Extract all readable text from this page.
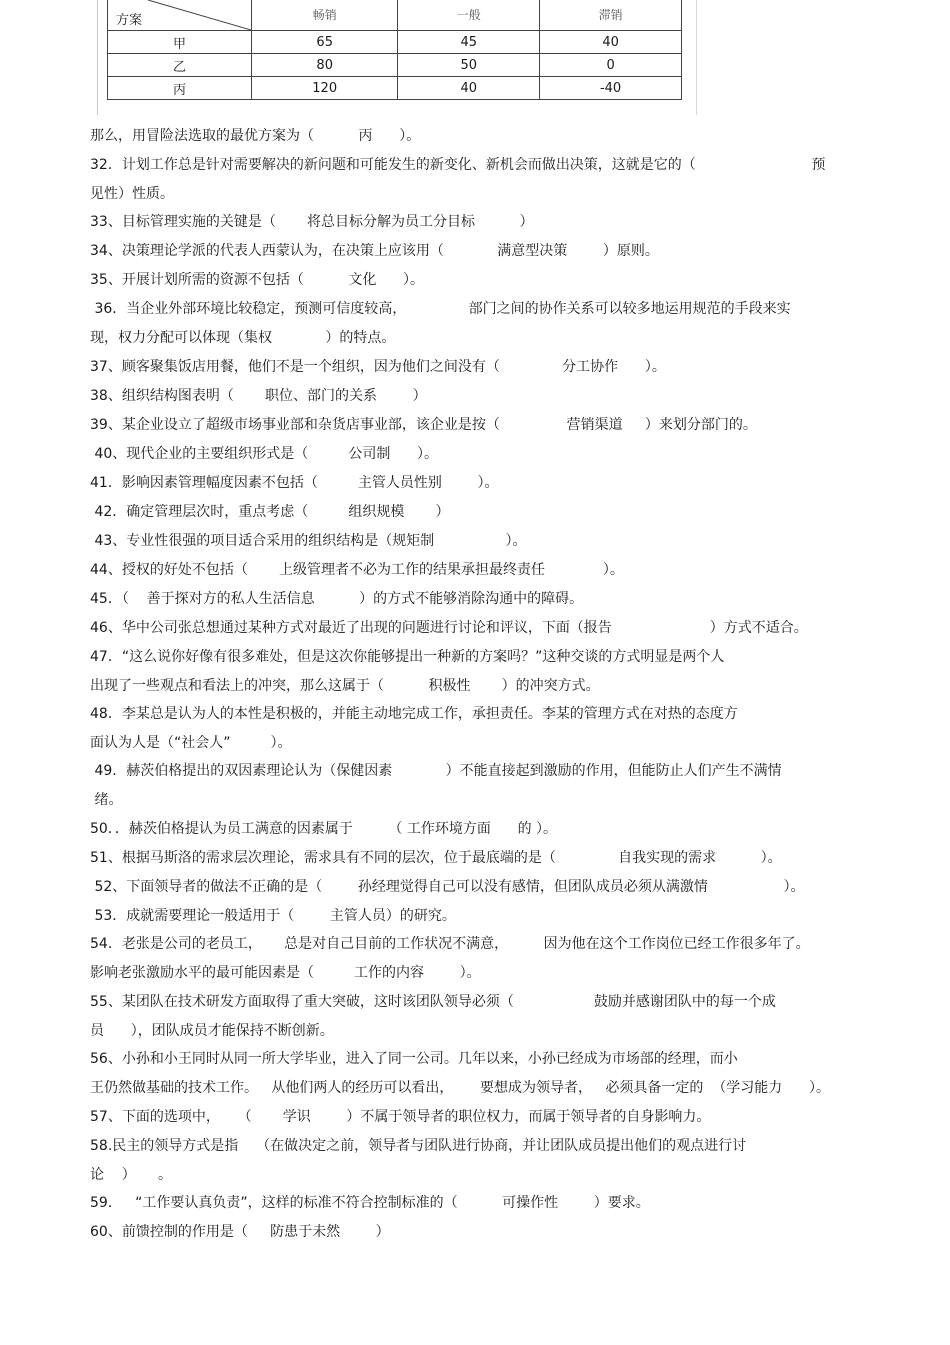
方案	畅销	一般	滞销
甲	65	45	40
乙	80	50	0
丙	120	40	-40
那么，用冒险法选取的最优方案为（          丙      ）。
32．计划工作总是针对需要解决的新问题和可能发生的新变化、新机会而做出决策，这就是它的（                          预
见性）性质。
33、目标管理实施的关键是（       将总目标分解为员工分目标          ）
34、决策理论学派的代表人西蒙认为，在决策上应该用（            满意型决策        ）原则。
35、开展计划所需的资源不包括（          文化      ）。
36．当企业外部环境比较稳定，预测可信度较高，              部门之间的协作关系可以较多地运用规范的手段来实
现，权力分配可以体现（集权            ）的特点。
37、顾客聚集饭店用餐，他们不是一个组织，因为他们之间没有（              分工协作      ）。
38、组织结构图表明（       职位、部门的关系        ）
39、某企业设立了超级市场事业部和杂货店事业部，该企业是按（               营销渠道     ）来划分部门的。
40、现代企业的主要组织形式是（         公司制      ）。
41．影响因素管理幅度因素不包括（         主管人员性别        ）。
42．确定管理层次时，重点考虑（         组织规模       ）
43、专业性很强的项目适合采用的组织结构是（规矩制                ）。
44、授权的好处不包括（       上级管理者不必为工作的结果承担最终责任             ）。
45．（    善于探对方的私人生活信息          ）的方式不能够消除沟通中的障碍。
46、华中公司张总想通过某种方式对最近了出现的问题进行讨论和评议，下面（报告                      ）方式不适合。
47．“这么说你好像有很多难处，但是这次你能够提出一种新的方案吗？”这种交谈的方式明显是两个人
出现了一些观点和看法上的冲突，那么这属于（          积极性       ）的冲突方式。
48．李某总是认为人的本性是积极的，并能主动地完成工作，承担责任。李某的管理方式在对热的态度方
面认为人是（“社会人”         ）。
49．赫茨伯格提出的双因素理论认为（保健因素            ）不能直接起到激励的作用，但能防止人们产生不满情
绪。
50．．赫茨伯格提认为员工满意的因素属于        （ 工作环境方面      的 ）。
51、根据马斯洛的需求层次理论，需求具有不同的层次，位于最底端的是（              自我实现的需求          ）。
52、下面领导者的做法不正确的是（        孙经理觉得自己可以没有感情，但团队成员必须从满激情                 ）。
53．成就需要理论一般适用于（        主管人员）的研究。
54．老张是公司的老员工，     总是对自己目前的工作状况不满意，        因为他在这个工作岗位已经工作很多年了。
影响老张激励水平的最可能因素是（         工作的内容        ）。
55、某团队在技术研发方面取得了重大突破，这时该团队领导必须（                  鼓励并感谢团队中的每一个成
员      ），团队成员才能保持不断创新。
56、小孙和小王同时从同一所大学毕业，进入了同一公司。几年以来，小孙已经成为市场部的经理，而小
王仍然做基础的技术工作。   从他们两人的经历可以看出，      要想成为领导者，   必须具备一定的  （学习能力      ）。
57、下面的选项中，    （       学识        ）不属于领导者的职位权力，而属于领导者的自身影响力。
58.民主的领导方式是指    （在做决定之前，领导者与团队进行协商，并让团队成员提出他们的观点进行讨
论    ）     。
59．   “工作要认真负责”，这样的标准不符合控制标准的（          可操作性        ）要求。
60、前馈控制的作用是（     防患于未然        ）
